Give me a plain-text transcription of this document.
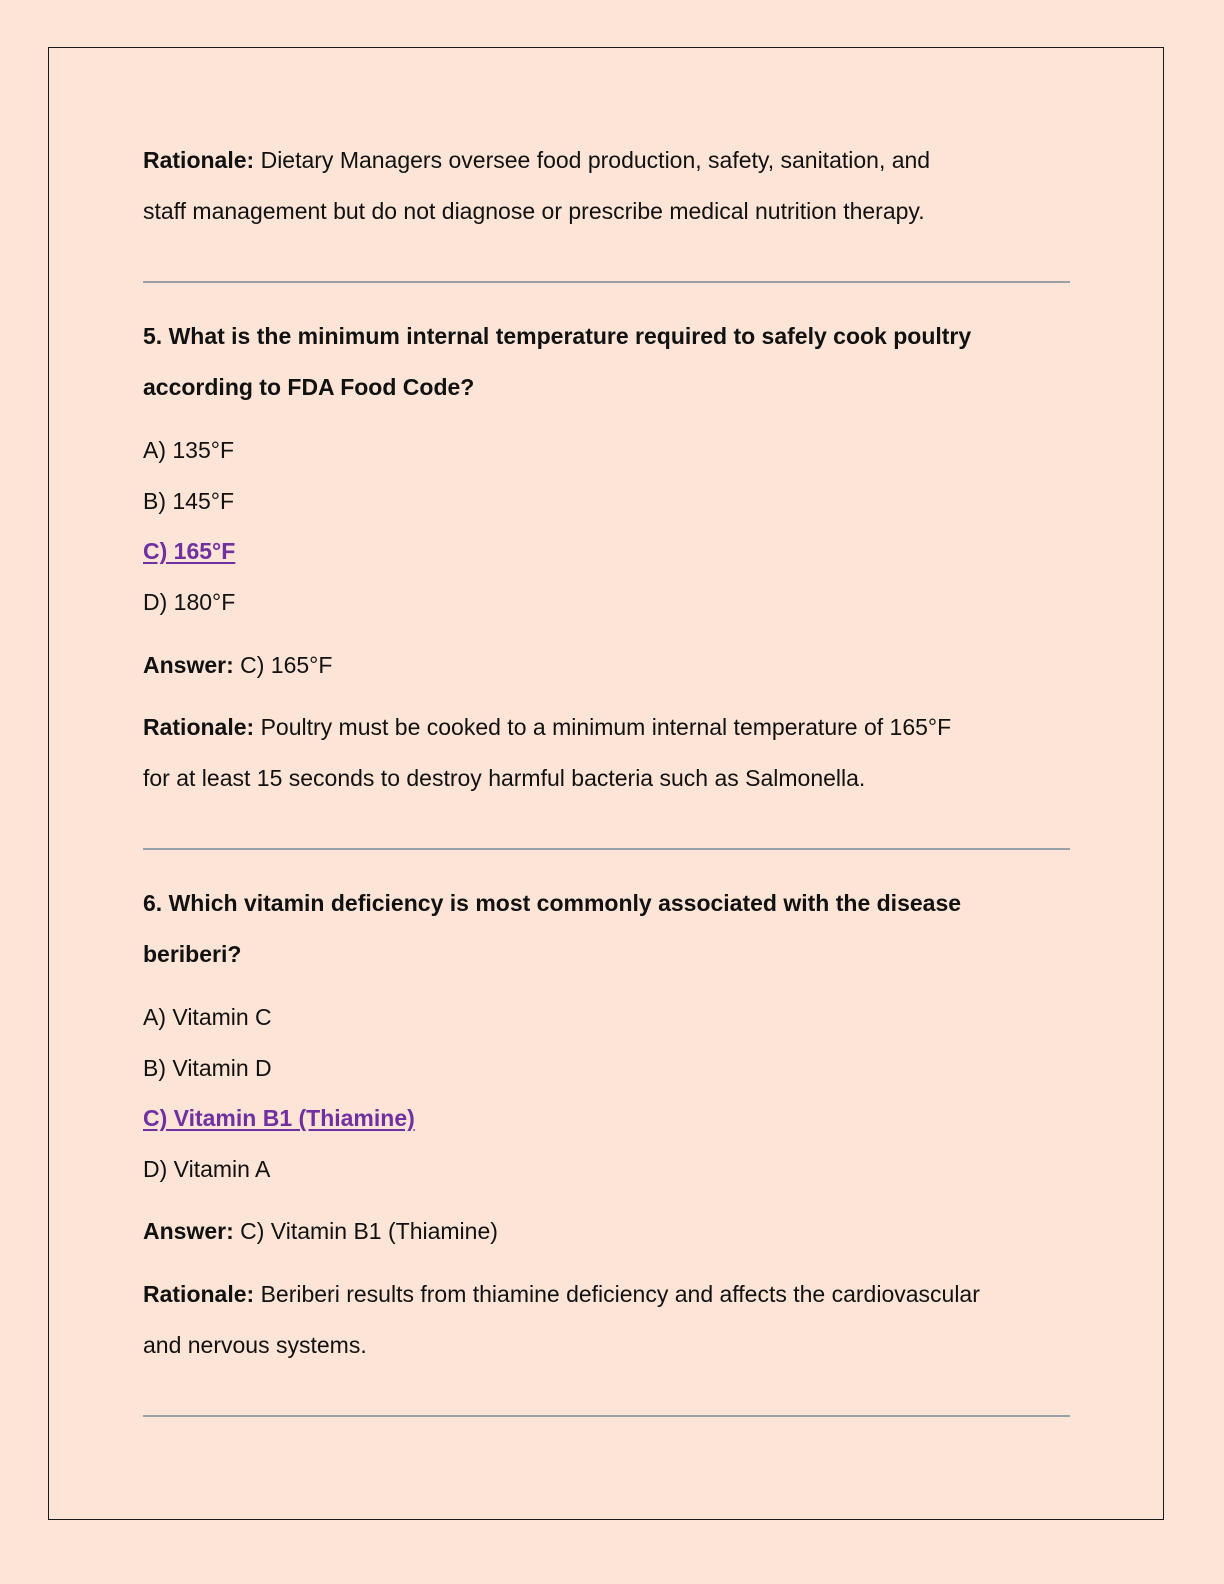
Rationale: Dietary Managers oversee food production, safety, sanitation, and
staff management but do not diagnose or prescribe medical nutrition therapy.
5. What is the minimum internal temperature required to safely cook poultry
according to FDA Food Code?
A) 135°F
B) 145°F
C) 165°F
D) 180°F
Answer: C) 165°F
Rationale: Poultry must be cooked to a minimum internal temperature of 165°F
for at least 15 seconds to destroy harmful bacteria such as Salmonella.
6. Which vitamin deficiency is most commonly associated with the disease
beriberi?
A) Vitamin C
B) Vitamin D
C) Vitamin B1 (Thiamine)
D) Vitamin A
Answer: C) Vitamin B1 (Thiamine)
Rationale: Beriberi results from thiamine deficiency and affects the cardiovascular
and nervous systems.
